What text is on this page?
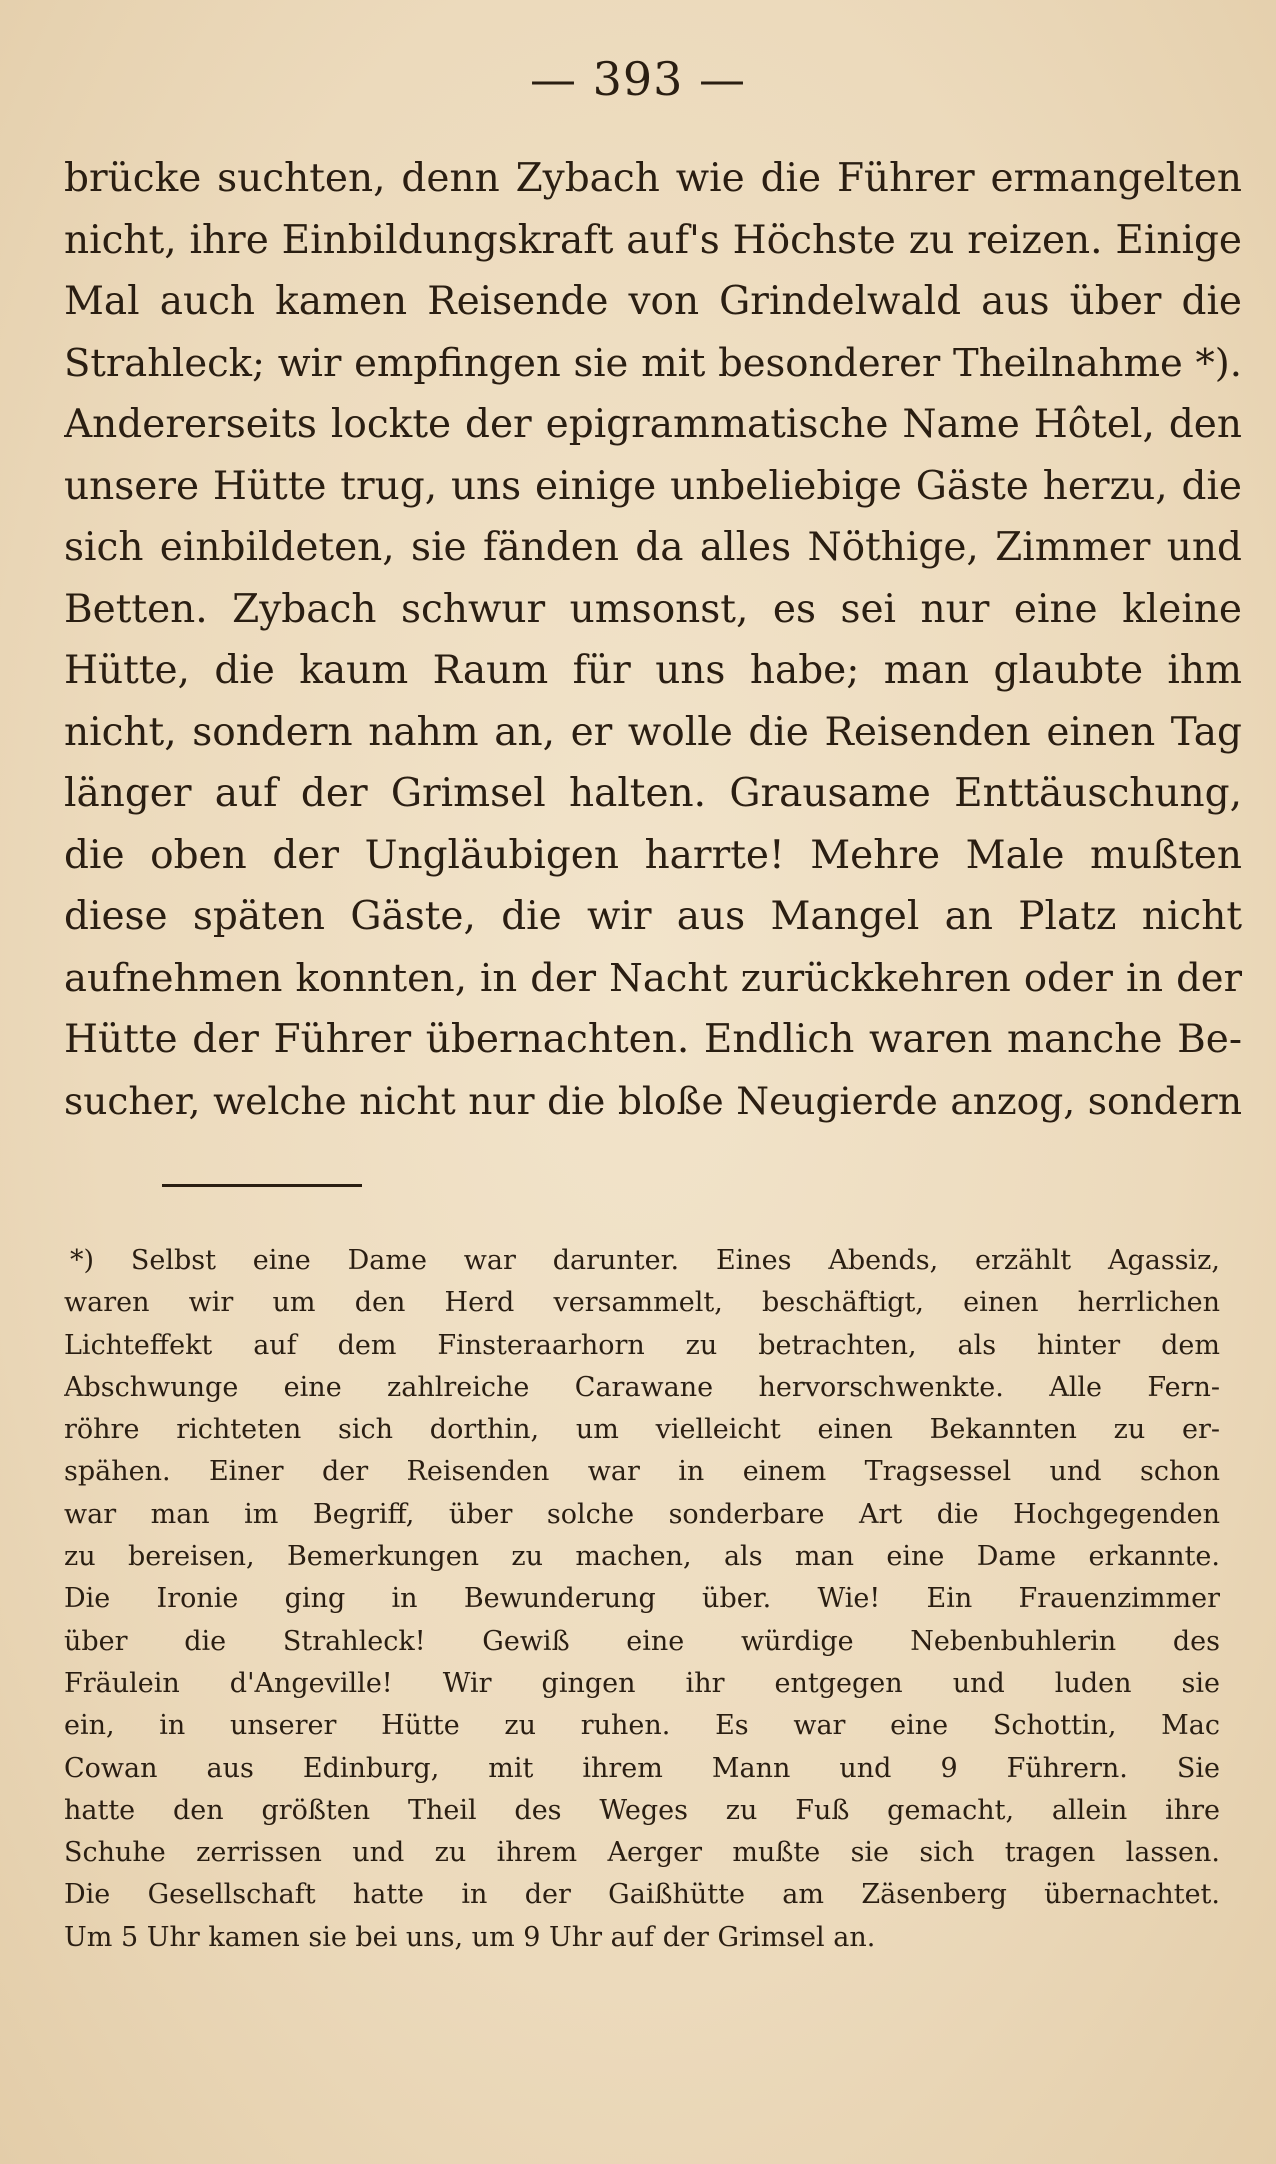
— 393 —
brücke suchten, denn Zybach wie die Führer ermangelten
nicht, ihre Einbildungskraft auf's Höchste zu reizen. Einige
Mal auch kamen Reisende von Grindelwald aus über die
Strahleck; wir empfingen sie mit besonderer Theilnahme *).
Andererseits lockte der epigrammatische Name Hôtel, den
unsere Hütte trug, uns einige unbeliebige Gäste herzu, die
sich einbildeten, sie fänden da alles Nöthige, Zimmer und
Betten. Zybach schwur umsonst, es sei nur eine kleine
Hütte, die kaum Raum für uns habe; man glaubte ihm
nicht, sondern nahm an, er wolle die Reisenden einen Tag
länger auf der Grimsel halten. Grausame Enttäuschung,
die oben der Ungläubigen harrte! Mehre Male mußten
diese späten Gäste, die wir aus Mangel an Platz nicht
aufnehmen konnten, in der Nacht zurückkehren oder in der
Hütte der Führer übernachten. Endlich waren manche Be-
sucher, welche nicht nur die bloße Neugierde anzog, sondern
*) Selbst eine Dame war darunter. Eines Abends, erzählt Agassiz,
waren wir um den Herd versammelt, beschäftigt, einen herrlichen
Lichteffekt auf dem Finsteraarhorn zu betrachten, als hinter dem
Abschwunge eine zahlreiche Carawane hervorschwenkte. Alle Fern-
röhre richteten sich dorthin, um vielleicht einen Bekannten zu er-
spähen. Einer der Reisenden war in einem Tragsessel und schon
war man im Begriff, über solche sonderbare Art die Hochgegenden
zu bereisen, Bemerkungen zu machen, als man eine Dame erkannte.
Die Ironie ging in Bewunderung über. Wie! Ein Frauenzimmer
über die Strahleck! Gewiß eine würdige Nebenbuhlerin des
Fräulein d'Angeville! Wir gingen ihr entgegen und luden sie
ein, in unserer Hütte zu ruhen. Es war eine Schottin, Mac
Cowan aus Edinburg, mit ihrem Mann und 9 Führern. Sie
hatte den größten Theil des Weges zu Fuß gemacht, allein ihre
Schuhe zerrissen und zu ihrem Aerger mußte sie sich tragen lassen.
Die Gesellschaft hatte in der Gaißhütte am Zäsenberg übernachtet.
Um 5 Uhr kamen sie bei uns, um 9 Uhr auf der Grimsel an.
